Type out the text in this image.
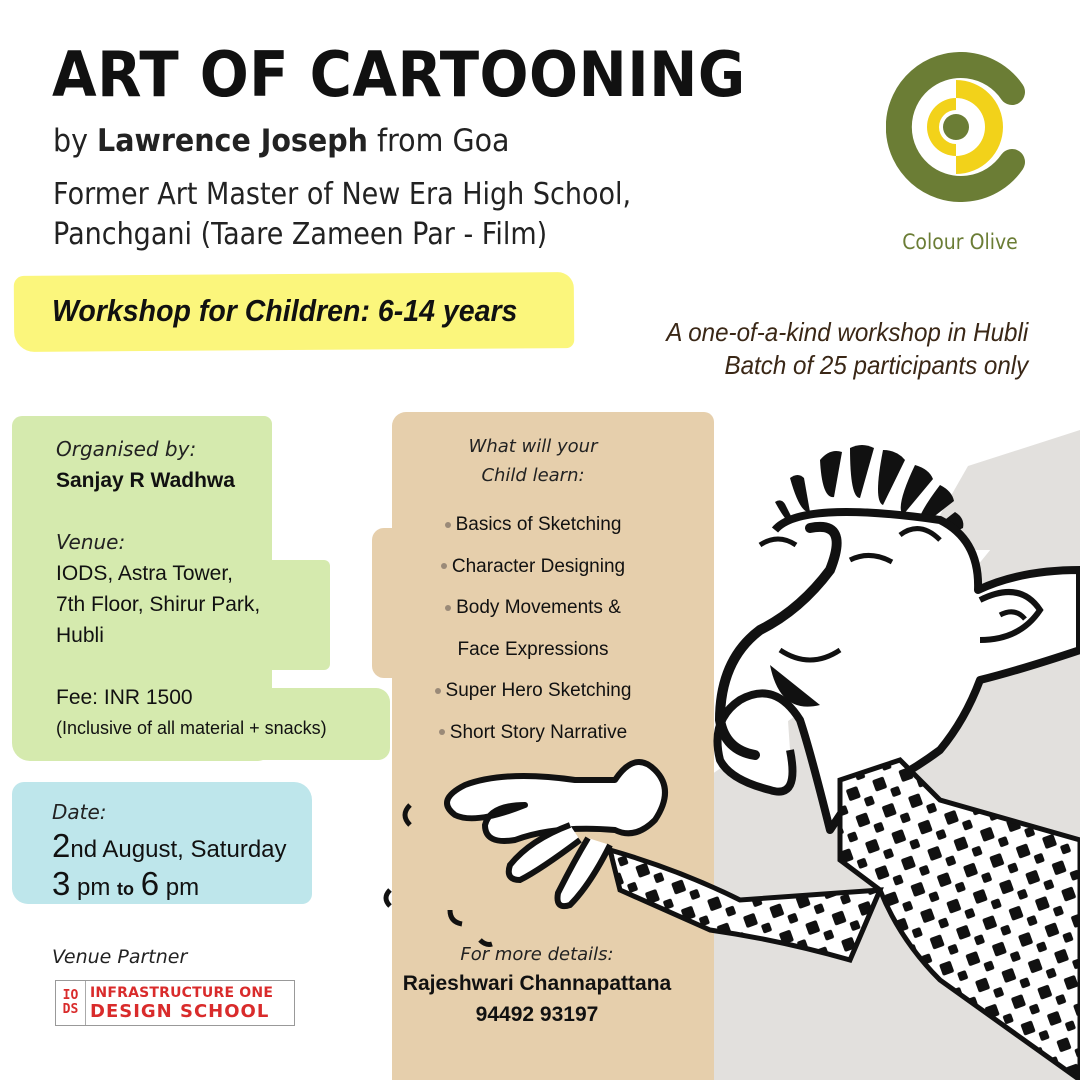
ART OF CARTOONING
by Lawrence Joseph from Goa
Former Art Master of New Era High School,
Panchgani (Taare Zameen Par - Film)	Colour Olive
Workshop for Children: 6-14 years
A one-of-a-kind workshop in Hubli
Batch of 25 participants only
Organised by:
Sanjay R Wadhwa
Venue:
IODS, Astra Tower,
7th Floor, Shirur Park,
Hubli
Fee: INR 1500
(Inclusive of all material + snacks)
Date:
2nd August, Saturday
3 pm to 6 pm
Venue Partner
IO
DS
INFRASTRUCTURE ONE
DESIGN SCHOOL
What will your
Child learn:
Basics of Sketching
Character Designing
Body Movements &
Face Expressions
Super Hero Sketching
Short Story Narrative
For more details:
Rajeshwari Channapattana
94492 93197
